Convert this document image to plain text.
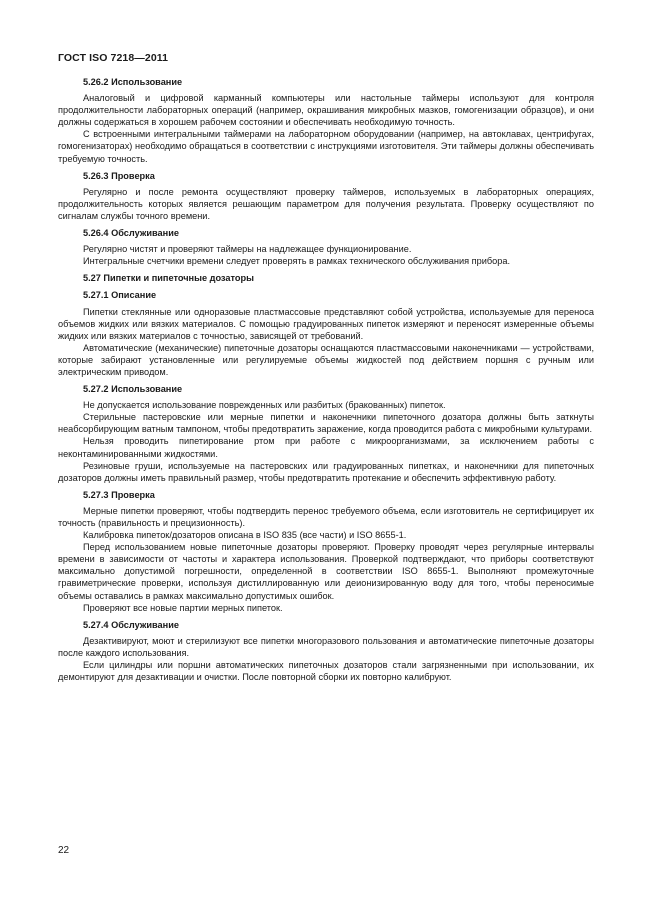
ГОСТ ISO 7218—2011
5.26.2 Использование

Аналоговый и цифровой карманный компьютеры или настольные таймеры используют для контроля продолжительности лабораторных операций (например, окрашивания микробных мазков, гомогенизации образцов), и они должны содержаться в хорошем рабочем состоянии и обеспечивать необходимую точность.

С встроенными интегральными таймерами на лабораторном оборудовании (например, на автоклавах, центрифугах, гомогенизаторах) необходимо обращаться в соответствии с инструкциями изготовителя. Эти таймеры должны обеспечивать требуемую точность.

5.26.3 Проверка

Регулярно и после ремонта осуществляют проверку таймеров, используемых в лабораторных операциях, продолжительность которых является решающим параметром для получения результата. Проверку осуществляют по сигналам службы точного времени.

5.26.4 Обслуживание

Регулярно чистят и проверяют таймеры на надлежащее функционирование.

Интегральные счетчики времени следует проверять в рамках технического обслуживания прибора.

5.27 Пипетки и пипеточные дозаторы
5.27.1 Описание

Пипетки стеклянные или одноразовые пластмассовые представляют собой устройства, используемые для переноса объемов жидких или вязких материалов. С помощью градуированных пипеток измеряют и переносят измеренные объемы жидких или вязких материалов с точностью, зависящей от требований.

Автоматические (механические) пипеточные дозаторы оснащаются пластмассовыми наконечниками — устройствами, которые забирают установленные или регулируемые объемы жидкостей под действием поршня с ручным или электрическим приводом.

5.27.2 Использование

Не допускается использование поврежденных или разбитых (бракованных) пипеток.

Стерильные пастеровские или мерные пипетки и наконечники пипеточного дозатора должны быть заткнуты неабсорбирующим ватным тампоном, чтобы предотвратить заражение, когда проводится работа с микробными культурами.

Нельзя проводить пипетирование ртом при работе с микроорганизмами, за исключением работы с неконтаминированными жидкостями.

Резиновые груши, используемые на пастеровских или градуированных пипетках, и наконечники для пипеточных дозаторов должны иметь правильный размер, чтобы предотвратить протекание и обеспечить эффективную работу.

5.27.3 Проверка

Мерные пипетки проверяют, чтобы подтвердить перенос требуемого объема, если изготовитель не сертифицирует их точность (правильность и прецизионность).

Калибровка пипеток/дозаторов описана в ISO 835 (все части) и ISO 8655-1.

Перед использованием новые пипеточные дозаторы проверяют. Проверку проводят через регулярные интервалы времени в зависимости от частоты и характера использования. Проверкой подтверждают, что приборы соответствуют максимально допустимой погрешности, определенной в соответствии ISO 8655-1. Выполняют промежуточные гравиметрические проверки, используя дистиллированную или деионизированную воду для того, чтобы переносимые объемы оставались в рамках максимально допустимых ошибок.

Проверяют все новые партии мерных пипеток.

5.27.4 Обслуживание

Дезактивируют, моют и стерилизуют все пипетки многоразового пользования и автоматические пипеточные дозаторы после каждого использования.

Если цилиндры или поршни автоматических пипеточных дозаторов стали загрязненными при использовании, их демонтируют для дезактивации и очистки. После повторной сборки их повторно калибруют.

22
